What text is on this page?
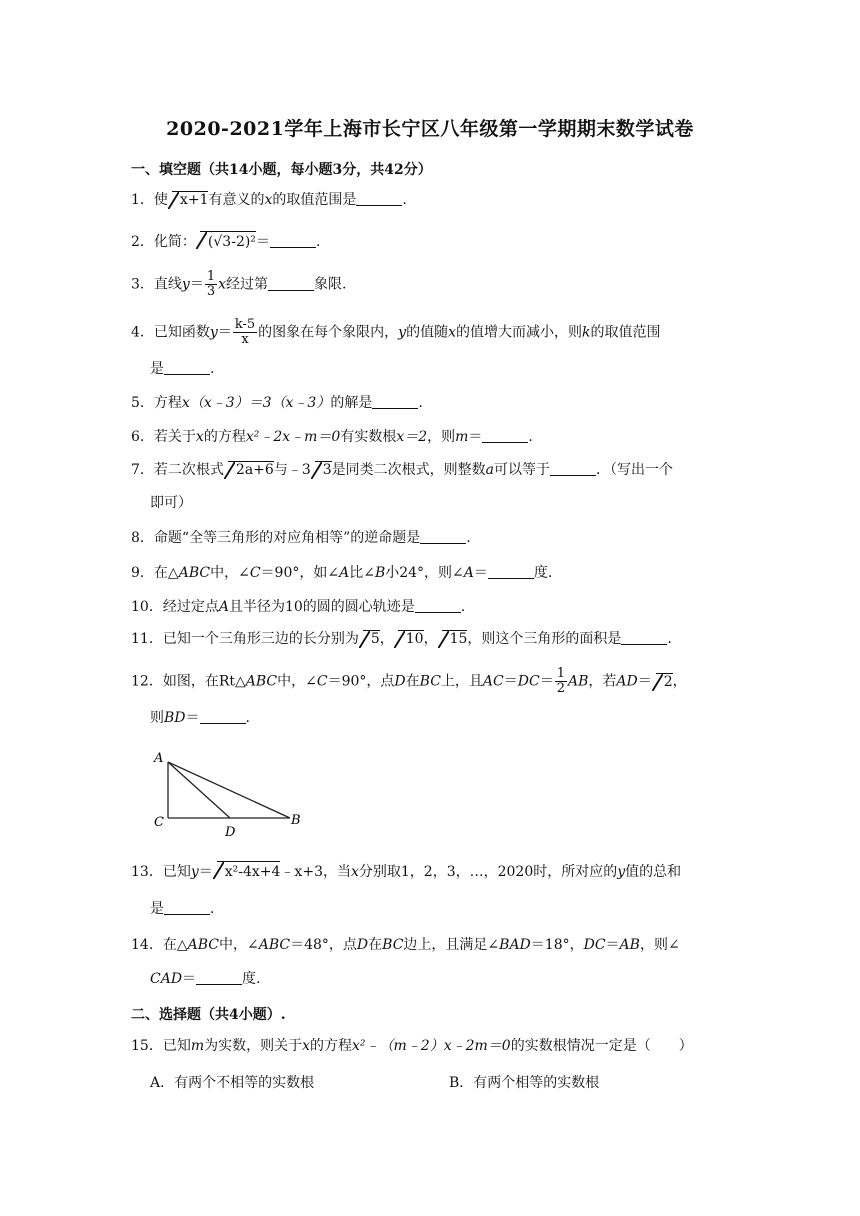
2020-2021学年上海市长宁区八年级第一学期期末数学试卷
一、填空题（共14小题，每小题3分，共42分）
1．使 x+1有意义的x的取值范围是	.
2．化简： (√3-2)²＝	.
3．直线$y= \frac{1}{3}$ x经过第	象限.
4．已知函数$y= \frac{k-5}{x}$ 的图象在每个象限内，y的值随x的值增大而减小，则k的取值范围
是	.
5．方程x（x﹣3）＝3（x﹣3）的解是	.
6．若关于x的方程x²﹣2x﹣m＝0有实数根x＝2，则m＝	.
7．若二次根式 2a+6与﹣3 3是同类二次根式，则整数a可以等于	．（写出一个
即可）
8．命题“全等三角形的对应角相等”的逆命题是	.
9．在△ABC中，∠C＝90°，如∠A比∠B小24°，则∠A＝	度.
10．经过定点A且半径为10的圆的圆心轨迹是	.
11．已知一个三角形三边的长分别为 5， 10， 15，则这个三角形的面积是	.
12．如图，在Rt△ABC中，∠C＝90°，点D在BC上，且$AC=DC= \frac{1}{2}$ AB，若AD＝ 2，
则BD＝	.
A
C
D
B
13．已知y＝ x²-4x+4﹣x+3，当x分别取1，2，3，…，2020时，所对应的y值的总和
是	.
14．在△ABC中，∠ABC＝48°，点D在BC边上，且满足∠BAD＝18°，DC＝AB，则∠
CAD＝	度.
二、选择题（共4小题）.
15．已知m为实数，则关于x的方程x²﹣（m﹣2）x﹣2m＝0的实数根情况一定是（　　）
A．有两个不相等的实数根	B．有两个相等的实数根
